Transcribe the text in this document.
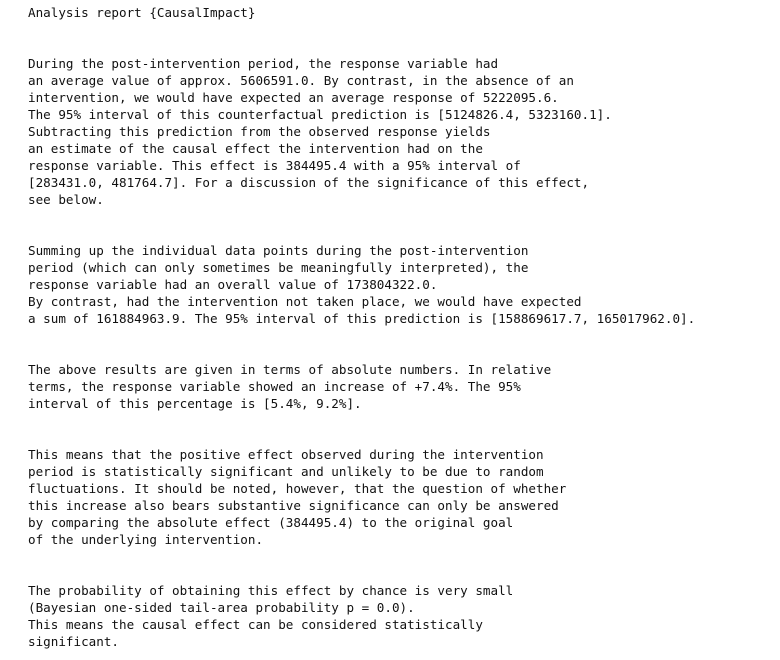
Analysis report {CausalImpact}
During the post-intervention period, the response variable had
an average value of approx. 5606591.0. By contrast, in the absence of an
intervention, we would have expected an average response of 5222095.6.
The 95% interval of this counterfactual prediction is [5124826.4, 5323160.1].
Subtracting this prediction from the observed response yields
an estimate of the causal effect the intervention had on the
response variable. This effect is 384495.4 with a 95% interval of
[283431.0, 481764.7]. For a discussion of the significance of this effect,
see below.
Summing up the individual data points during the post-intervention
period (which can only sometimes be meaningfully interpreted), the
response variable had an overall value of 173804322.0.
By contrast, had the intervention not taken place, we would have expected
a sum of 161884963.9. The 95% interval of this prediction is [158869617.7, 165017962.0].
The above results are given in terms of absolute numbers. In relative
terms, the response variable showed an increase of +7.4%. The 95%
interval of this percentage is [5.4%, 9.2%].
This means that the positive effect observed during the intervention
period is statistically significant and unlikely to be due to random
fluctuations. It should be noted, however, that the question of whether
this increase also bears substantive significance can only be answered
by comparing the absolute effect (384495.4) to the original goal
of the underlying intervention.
The probability of obtaining this effect by chance is very small
(Bayesian one-sided tail-area probability p = 0.0).
This means the causal effect can be considered statistically
significant.
